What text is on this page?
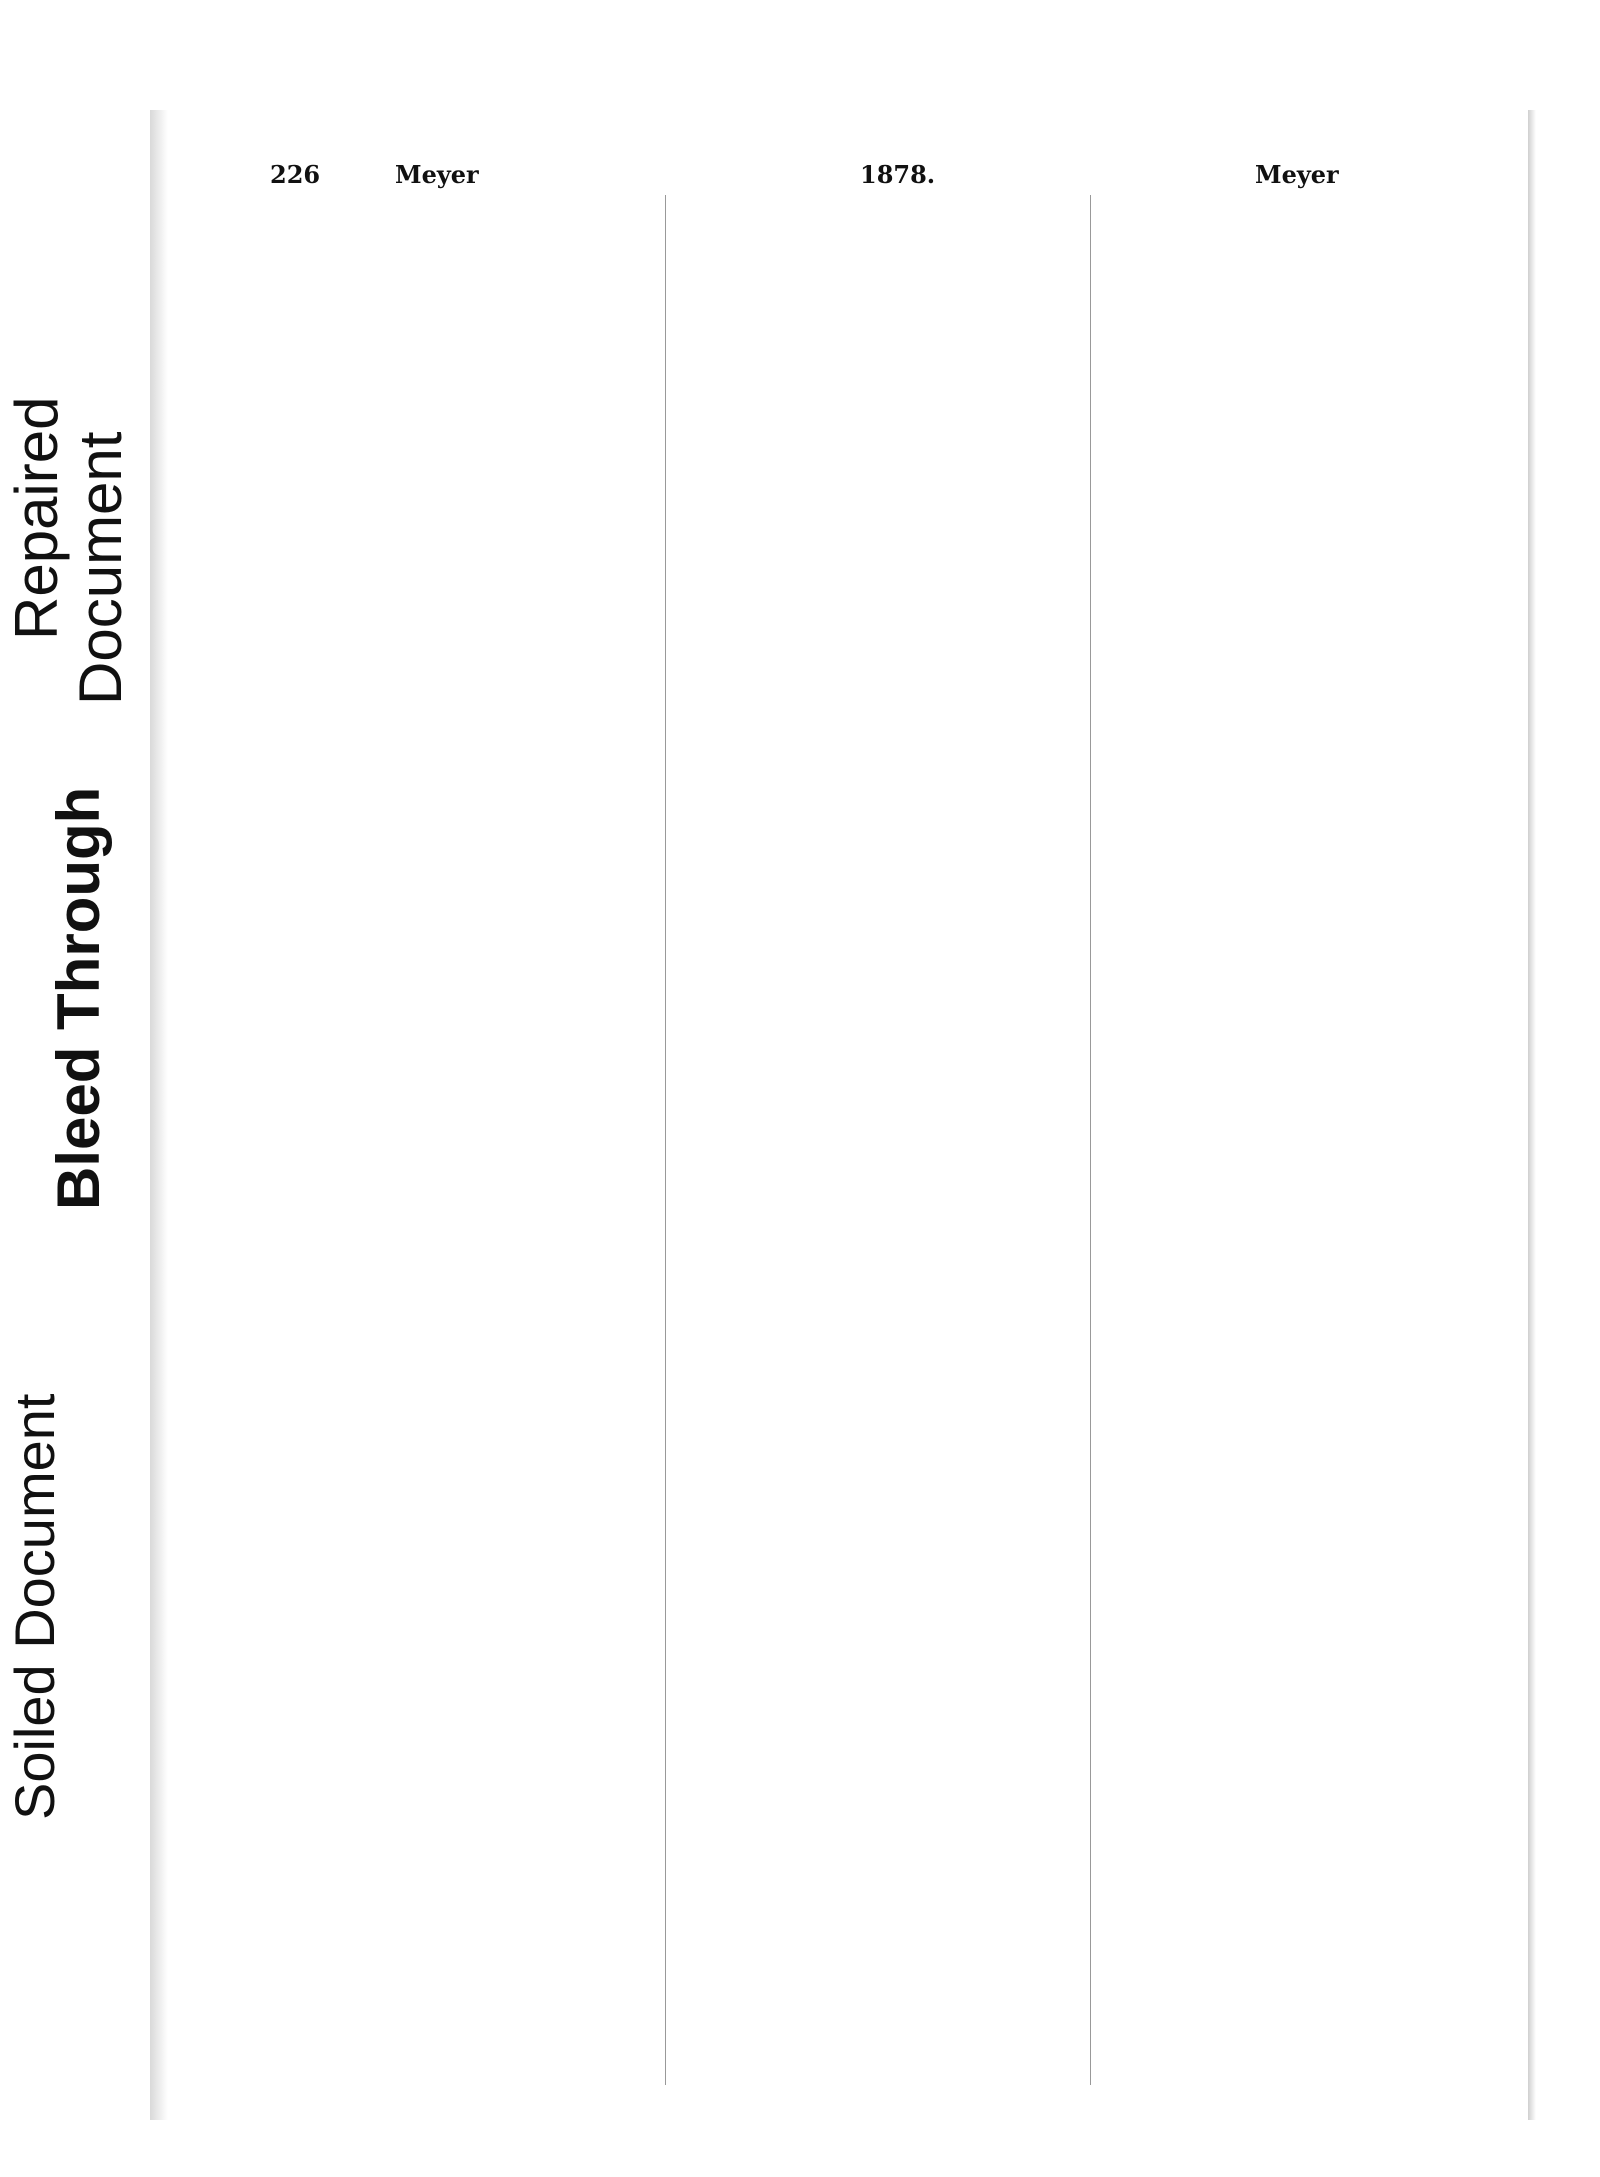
Repaired
Document
Bleed Through
Soiled Document
226	Meyer	1878.	Meyer
